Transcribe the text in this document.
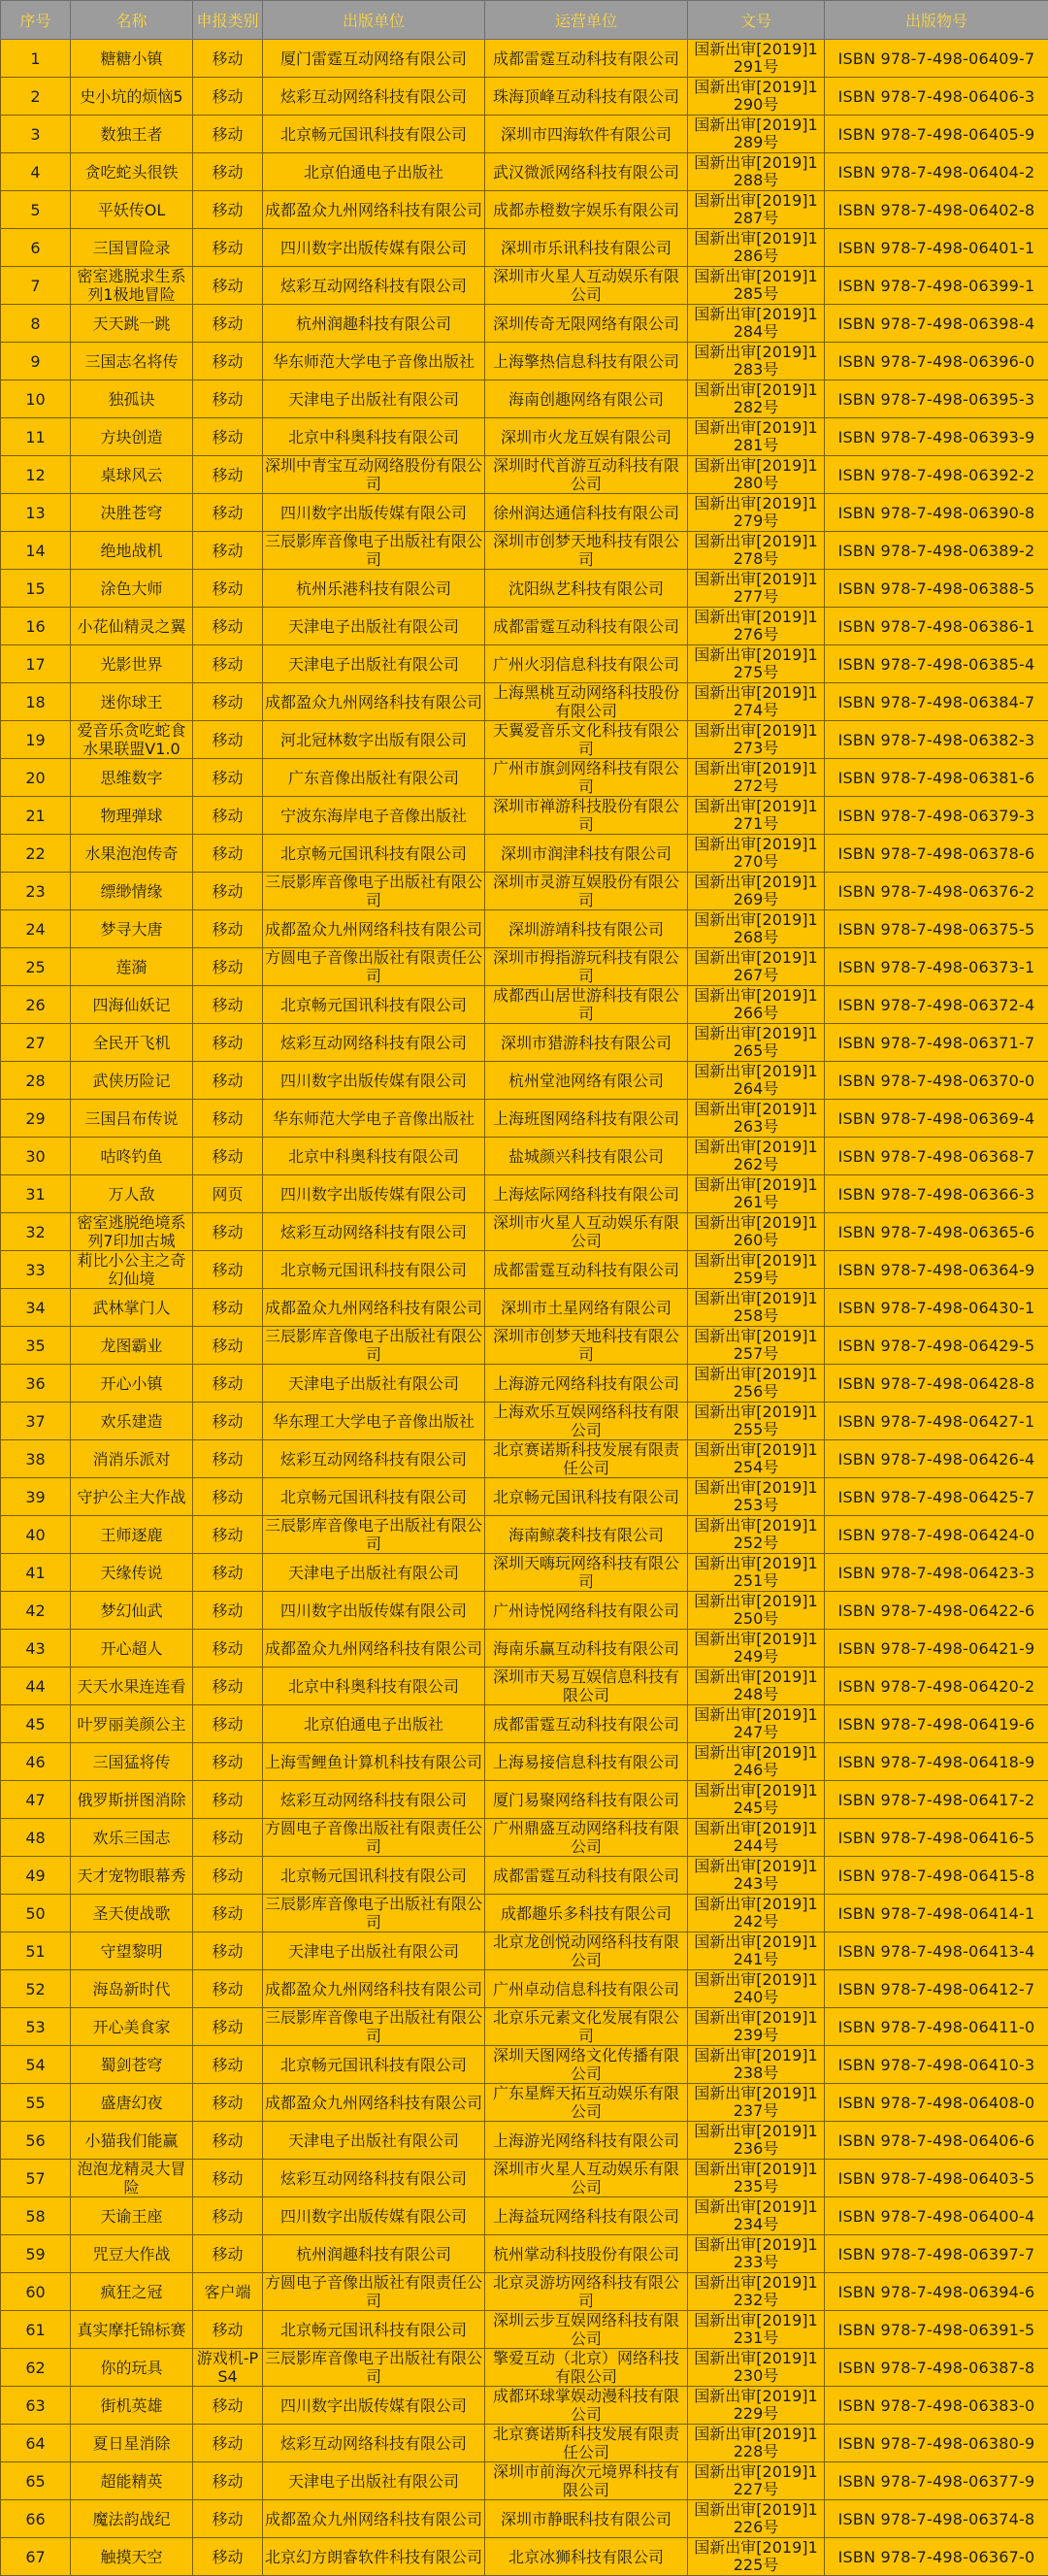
序号	名称	申报类别	出版单位	运营单位	文号	出版物号

1	糖糖小镇	移动	厦门雷霆互动网络有限公司	成都雷霆互动科技有限公司	国新出审[2019]1291号	ISBN 978-7-498-06409-7

2	史小坑的烦恼5	移动	炫彩互动网络科技有限公司	珠海顶峰互动科技有限公司	国新出审[2019]1290号	ISBN 978-7-498-06406-3

3	数独王者	移动	北京畅元国讯科技有限公司	深圳市四海软件有限公司	国新出审[2019]1289号	ISBN 978-7-498-06405-9

4	贪吃蛇头很铁	移动	北京伯通电子出版社	武汉微派网络科技有限公司	国新出审[2019]1288号	ISBN 978-7-498-06404-2

5	平妖传OL	移动	成都盈众九州网络科技有限公司	成都赤橙数字娱乐有限公司	国新出审[2019]1287号	ISBN 978-7-498-06402-8

6	三国冒险录	移动	四川数字出版传媒有限公司	深圳市乐讯科技有限公司	国新出审[2019]1286号	ISBN 978-7-498-06401-1

7	密室逃脱求生系列1极地冒险	移动	炫彩互动网络科技有限公司	深圳市火星人互动娱乐有限公司	国新出审[2019]1285号	ISBN 978-7-498-06399-1

8	天天跳一跳	移动	杭州润趣科技有限公司	深圳传奇无限网络有限公司	国新出审[2019]1284号	ISBN 978-7-498-06398-4

9	三国志名将传	移动	华东师范大学电子音像出版社	上海擎热信息科技有限公司	国新出审[2019]1283号	ISBN 978-7-498-06396-0

10	独孤诀	移动	天津电子出版社有限公司	海南创趣网络有限公司	国新出审[2019]1282号	ISBN 978-7-498-06395-3

11	方块创造	移动	北京中科奥科技有限公司	深圳市火龙互娱有限公司	国新出审[2019]1281号	ISBN 978-7-498-06393-9

12	桌球风云	移动	深圳中青宝互动网络股份有限公司	深圳时代首游互动科技有限公司	国新出审[2019]1280号	ISBN 978-7-498-06392-2

13	决胜苍穹	移动	四川数字出版传媒有限公司	徐州润达通信科技有限公司	国新出审[2019]1279号	ISBN 978-7-498-06390-8

14	绝地战机	移动	三辰影库音像电子出版社有限公司	深圳市创梦天地科技有限公司	国新出审[2019]1278号	ISBN 978-7-498-06389-2

15	涂色大师	移动	杭州乐港科技有限公司	沈阳纵艺科技有限公司	国新出审[2019]1277号	ISBN 978-7-498-06388-5

16	小花仙精灵之翼	移动	天津电子出版社有限公司	成都雷霆互动科技有限公司	国新出审[2019]1276号	ISBN 978-7-498-06386-1

17	光影世界	移动	天津电子出版社有限公司	广州火羽信息科技有限公司	国新出审[2019]1275号	ISBN 978-7-498-06385-4

18	迷你球王	移动	成都盈众九州网络科技有限公司	上海黑桃互动网络科技股份有限公司	国新出审[2019]1274号	ISBN 978-7-498-06384-7

19	爱音乐贪吃蛇食水果联盟V1.0	移动	河北冠林数字出版有限公司	天翼爱音乐文化科技有限公司	国新出审[2019]1273号	ISBN 978-7-498-06382-3

20	思维数字	移动	广东音像出版社有限公司	广州市旗剑网络科技有限公司	国新出审[2019]1272号	ISBN 978-7-498-06381-6

21	物理弹球	移动	宁波东海岸电子音像出版社	深圳市禅游科技股份有限公司	国新出审[2019]1271号	ISBN 978-7-498-06379-3

22	水果泡泡传奇	移动	北京畅元国讯科技有限公司	深圳市润津科技有限公司	国新出审[2019]1270号	ISBN 978-7-498-06378-6

23	缥缈情缘	移动	三辰影库音像电子出版社有限公司	深圳市灵游互娱股份有限公司	国新出审[2019]1269号	ISBN 978-7-498-06376-2

24	梦寻大唐	移动	成都盈众九州网络科技有限公司	深圳游靖科技有限公司	国新出审[2019]1268号	ISBN 978-7-498-06375-5

25	莲漪	移动	方圆电子音像出版社有限责任公司	深圳市拇指游玩科技有限公司	国新出审[2019]1267号	ISBN 978-7-498-06373-1

26	四海仙妖记	移动	北京畅元国讯科技有限公司	成都西山居世游科技有限公司	国新出审[2019]1266号	ISBN 978-7-498-06372-4

27	全民开飞机	移动	炫彩互动网络科技有限公司	深圳市猎游科技有限公司	国新出审[2019]1265号	ISBN 978-7-498-06371-7

28	武侠历险记	移动	四川数字出版传媒有限公司	杭州堂池网络有限公司	国新出审[2019]1264号	ISBN 978-7-498-06370-0

29	三国吕布传说	移动	华东师范大学电子音像出版社	上海班图网络科技有限公司	国新出审[2019]1263号	ISBN 978-7-498-06369-4

30	咕咚钓鱼	移动	北京中科奥科技有限公司	盐城颜兴科技有限公司	国新出审[2019]1262号	ISBN 978-7-498-06368-7

31	万人敌	网页	四川数字出版传媒有限公司	上海炫际网络科技有限公司	国新出审[2019]1261号	ISBN 978-7-498-06366-3

32	密室逃脱绝境系列7印加古城	移动	炫彩互动网络科技有限公司	深圳市火星人互动娱乐有限公司	国新出审[2019]1260号	ISBN 978-7-498-06365-6

33	莉比小公主之奇幻仙境	移动	北京畅元国讯科技有限公司	成都雷霆互动科技有限公司	国新出审[2019]1259号	ISBN 978-7-498-06364-9

34	武林掌门人	移动	成都盈众九州网络科技有限公司	深圳市土星网络有限公司	国新出审[2019]1258号	ISBN 978-7-498-06430-1

35	龙图霸业	移动	三辰影库音像电子出版社有限公司	深圳市创梦天地科技有限公司	国新出审[2019]1257号	ISBN 978-7-498-06429-5

36	开心小镇	移动	天津电子出版社有限公司	上海游元网络科技有限公司	国新出审[2019]1256号	ISBN 978-7-498-06428-8

37	欢乐建造	移动	华东理工大学电子音像出版社	上海欢乐互娱网络科技有限公司	国新出审[2019]1255号	ISBN 978-7-498-06427-1

38	消消乐派对	移动	炫彩互动网络科技有限公司	北京赛诺斯科技发展有限责任公司	国新出审[2019]1254号	ISBN 978-7-498-06426-4

39	守护公主大作战	移动	北京畅元国讯科技有限公司	北京畅元国讯科技有限公司	国新出审[2019]1253号	ISBN 978-7-498-06425-7

40	王师逐鹿	移动	三辰影库音像电子出版社有限公司	海南鲸袭科技有限公司	国新出审[2019]1252号	ISBN 978-7-498-06424-0

41	天缘传说	移动	天津电子出版社有限公司	深圳天嗨玩网络科技有限公司	国新出审[2019]1251号	ISBN 978-7-498-06423-3

42	梦幻仙武	移动	四川数字出版传媒有限公司	广州诗悦网络科技有限公司	国新出审[2019]1250号	ISBN 978-7-498-06422-6

43	开心超人	移动	成都盈众九州网络科技有限公司	海南乐赢互动科技有限公司	国新出审[2019]1249号	ISBN 978-7-498-06421-9

44	天天水果连连看	移动	北京中科奥科技有限公司	深圳市天易互娱信息科技有限公司	国新出审[2019]1248号	ISBN 978-7-498-06420-2

45	叶罗丽美颜公主	移动	北京伯通电子出版社	成都雷霆互动科技有限公司	国新出审[2019]1247号	ISBN 978-7-498-06419-6

46	三国猛将传	移动	上海雪鲤鱼计算机科技有限公司	上海易接信息科技有限公司	国新出审[2019]1246号	ISBN 978-7-498-06418-9

47	俄罗斯拼图消除	移动	炫彩互动网络科技有限公司	厦门易聚网络科技有限公司	国新出审[2019]1245号	ISBN 978-7-498-06417-2

48	欢乐三国志	移动	方圆电子音像出版社有限责任公司	广州鼎盛互动网络科技有限公司	国新出审[2019]1244号	ISBN 978-7-498-06416-5

49	天才宠物眼幕秀	移动	北京畅元国讯科技有限公司	成都雷霆互动科技有限公司	国新出审[2019]1243号	ISBN 978-7-498-06415-8

50	圣天使战歌	移动	三辰影库音像电子出版社有限公司	成都趣乐多科技有限公司	国新出审[2019]1242号	ISBN 978-7-498-06414-1

51	守望黎明	移动	天津电子出版社有限公司	北京龙创悦动网络科技有限公司	国新出审[2019]1241号	ISBN 978-7-498-06413-4

52	海岛新时代	移动	成都盈众九州网络科技有限公司	广州卓动信息科技有限公司	国新出审[2019]1240号	ISBN 978-7-498-06412-7

53	开心美食家	移动	三辰影库音像电子出版社有限公司	北京乐元素文化发展有限公司	国新出审[2019]1239号	ISBN 978-7-498-06411-0

54	蜀剑苍穹	移动	北京畅元国讯科技有限公司	深圳天图网络文化传播有限公司	国新出审[2019]1238号	ISBN 978-7-498-06410-3

55	盛唐幻夜	移动	成都盈众九州网络科技有限公司	广东星辉天拓互动娱乐有限公司	国新出审[2019]1237号	ISBN 978-7-498-06408-0

56	小猫我们能赢	移动	天津电子出版社有限公司	上海游光网络科技有限公司	国新出审[2019]1236号	ISBN 978-7-498-06406-6

57	泡泡龙精灵大冒险	移动	炫彩互动网络科技有限公司	深圳市火星人互动娱乐有限公司	国新出审[2019]1235号	ISBN 978-7-498-06403-5

58	天谕王座	移动	四川数字出版传媒有限公司	上海益玩网络科技有限公司	国新出审[2019]1234号	ISBN 978-7-498-06400-4

59	咒豆大作战	移动	杭州润趣科技有限公司	杭州掌动科技股份有限公司	国新出审[2019]1233号	ISBN 978-7-498-06397-7

60	疯狂之冠	客户端	方圆电子音像出版社有限责任公司	北京灵游坊网络科技有限公司	国新出审[2019]1232号	ISBN 978-7-498-06394-6

61	真实摩托锦标赛	移动	北京畅元国讯科技有限公司	深圳云步互娱网络科技有限公司	国新出审[2019]1231号	ISBN 978-7-498-06391-5

62	你的玩具	游戏机-PS4	三辰影库音像电子出版社有限公司	擎爱互动（北京）网络科技有限公司	国新出审[2019]1230号	ISBN 978-7-498-06387-8

63	街机英雄	移动	四川数字出版传媒有限公司	成都环球掌娱动漫科技有限公司	国新出审[2019]1229号	ISBN 978-7-498-06383-0

64	夏日星消除	移动	炫彩互动网络科技有限公司	北京赛诺斯科技发展有限责任公司	国新出审[2019]1228号	ISBN 978-7-498-06380-9

65	超能精英	移动	天津电子出版社有限公司	深圳市前海次元境界科技有限公司	国新出审[2019]1227号	ISBN 978-7-498-06377-9

66	魔法韵战纪	移动	成都盈众九州网络科技有限公司	深圳市静眠科技有限公司	国新出审[2019]1226号	ISBN 978-7-498-06374-8

67	触摸天空	移动	北京幻方朗睿软件科技有限公司	北京冰狮科技有限公司	国新出审[2019]1225号	ISBN 978-7-498-06367-0
